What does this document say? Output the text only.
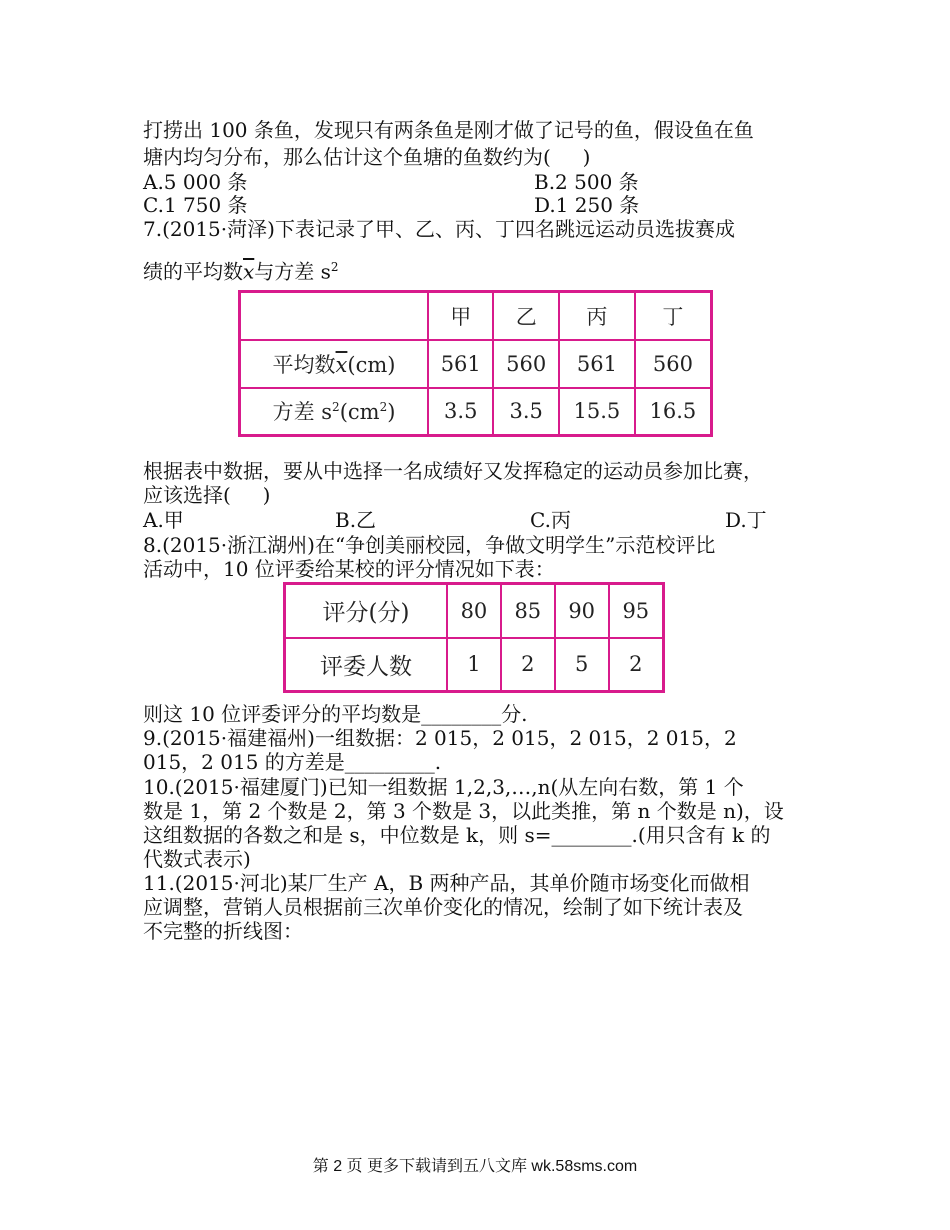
打捞出 100 条鱼，发现只有两条鱼是刚才做了记号的鱼，假设鱼在鱼
塘内均匀分布，那么估计这个鱼塘的鱼数约为(     )
A.5 000 条	B.2 500 条
C.1 750 条	D.1 250 条
7.(2015·菏泽)下表记录了甲、乙、丙、丁四名跳远运动员选拔赛成
绩的平均数$\overline{x}$与方差 $s^2$
	甲	乙	丙	丁
平均数$\overline{x}(cm)$	561	560	561	560
方差 $s^2(cm^2)$	3.5	3.5	15.5	16.5
根据表中数据，要从中选择一名成绩好又发挥稳定的运动员参加比赛，
应该选择(     )
A.甲	B.乙	C.丙	D.丁
8.(2015·浙江湖州)在“争创美丽校园，争做文明学生”示范校评比
活动中，10 位评委给某校的评分情况如下表：
评分(分)	80	85	90	95
评委人数	1	2	5	2
则这 10 位评委评分的平均数是________分.
9.(2015·福建福州)一组数据：2 015，2 015，2 015，2 015，2
015，2 015 的方差是_________.
10.(2015·福建厦门)已知一组数据 1,2,3,…,n(从左向右数，第 1 个
数是 1，第 2 个数是 2，第 3 个数是 3，以此类推，第 n 个数是 n)，设
这组数据的各数之和是 s，中位数是 k，则 s=________.(用只含有 k 的
代数式表示)
11.(2015·河北)某厂生产 A，B 两种产品，其单价随市场变化而做相
应调整，营销人员根据前三次单价变化的情况，绘制了如下统计表及
不完整的折线图：
第 2 页 更多下载请到五八文库 wk.58sms.com
